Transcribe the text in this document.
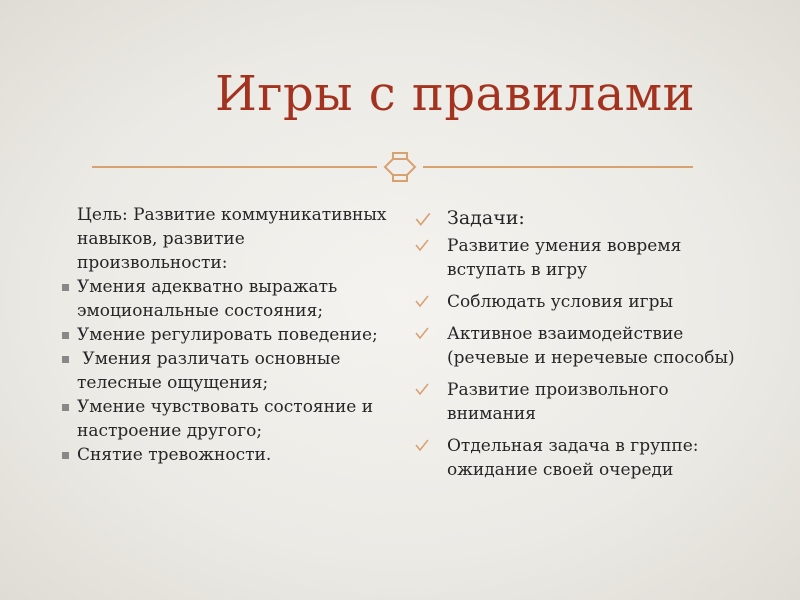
Игры с правилами
Цель: Развитие коммуникативных навыков, развитие произвольности:
Умения адекватно выражать эмоциональные состояния;
Умение регулировать поведение;
Умения различать основные телесные ощущения;
Умение чувствовать состояние и настроение другого;
Снятие тревожности.
Задачи:
Развитие умения вовремя вступать в игру
Соблюдать условия игры
Активное взаимодействие (речевые и неречевые способы)
Развитие произвольного внимания
Отдельная задача в группе: ожидание своей очереди
